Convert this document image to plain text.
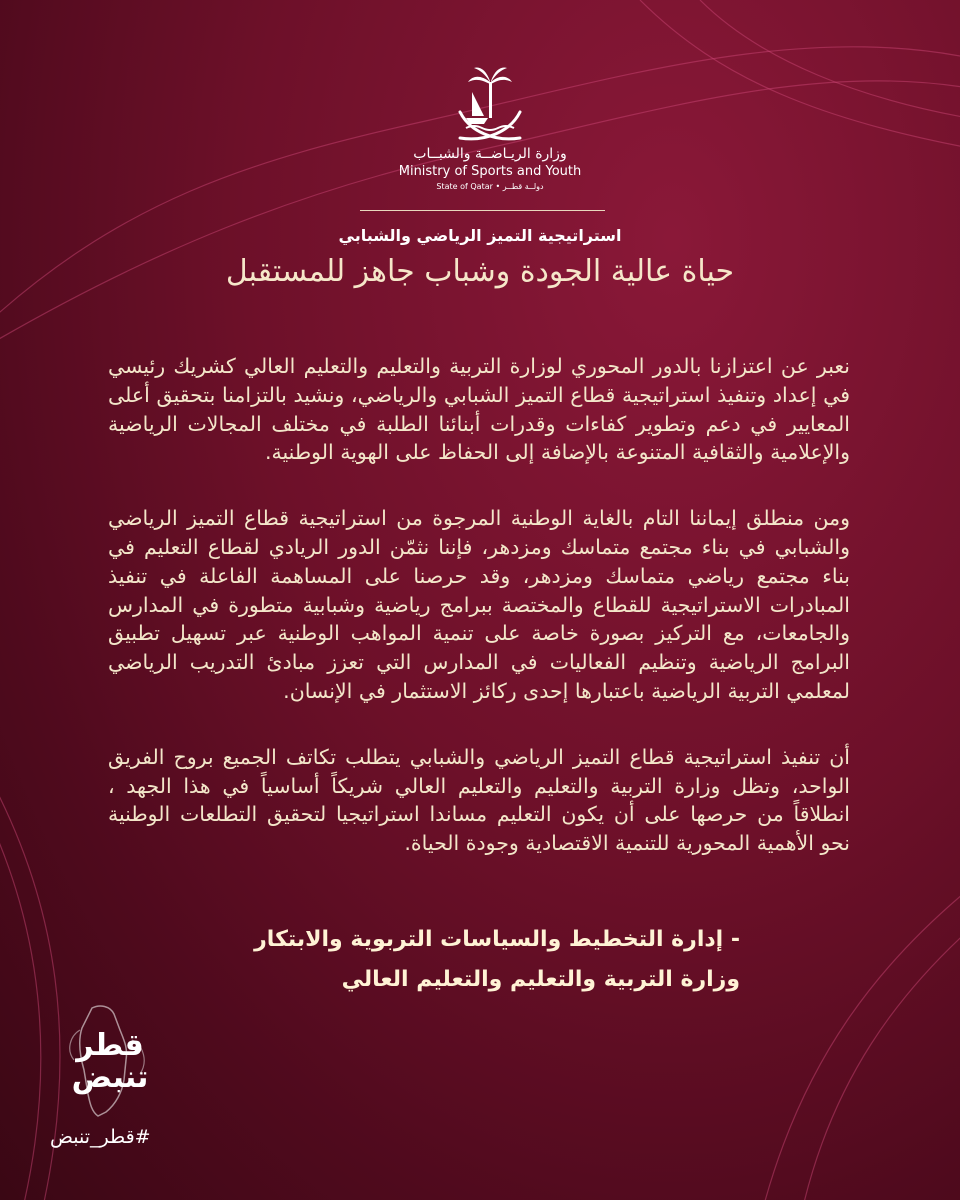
وزارة الريـاضــة والشبــاب
Ministry of Sports and Youth
State of Qatar • دولــة قطــر
استراتيجية التميز الرياضي والشبابي
حياة عالية الجودة وشباب جاهز للمستقبل

نعبر عن اعتزازنا بالدور المحوري لوزارة التربية والتعليم والتعليم العالي كشريك رئيسي في إعداد وتنفيذ استراتيجية قطاع التميز الشبابي والرياضي، ونشيد بالتزامنا بتحقيق أعلى المعايير في دعم وتطوير كفاءات وقدرات أبنائنا الطلبة في مختلف المجالات الرياضية والإعلامية والثقافية المتنوعة بالإضافة إلى الحفاظ على الهوية الوطنية.

ومن منطلق إيماننا التام بالغاية الوطنية المرجوة من استراتيجية قطاع التميز الرياضي والشبابي في بناء مجتمع متماسك ومزدهر، فإننا نثمّن الدور الريادي لقطاع التعليم في بناء مجتمع رياضي متماسك ومزدهر، وقد حرصنا على المساهمة الفاعلة في تنفيذ المبادرات الاستراتيجية للقطاع والمختصة ببرامج رياضية وشبابية متطورة في المدارس والجامعات، مع التركيز بصورة خاصة على تنمية المواهب الوطنية عبر تسهيل تطبيق البرامج الرياضية وتنظيم الفعاليات في المدارس التي تعزز مبادئ التدريب الرياضي لمعلمي التربية الرياضية باعتبارها إحدى ركائز الاستثمار في الإنسان.

أن تنفيذ استراتيجية قطاع التميز الرياضي والشبابي يتطلب تكاتف الجميع بروح الفريق الواحد، وتظل وزارة التربية والتعليم والتعليم العالي شريكاً أساسياً في هذا الجهد ، انطلاقاً من حرصها على أن يكون التعليم مساندا استراتيجيا لتحقيق التطلعات الوطنية نحو الأهمية المحورية للتنمية الاقتصادية وجودة الحياة.

- إدارة التخطيط والسياسات التربوية والابتكار
وزارة التربية والتعليم والتعليم العالي
قطر تنبض
#قطر_تنبض
